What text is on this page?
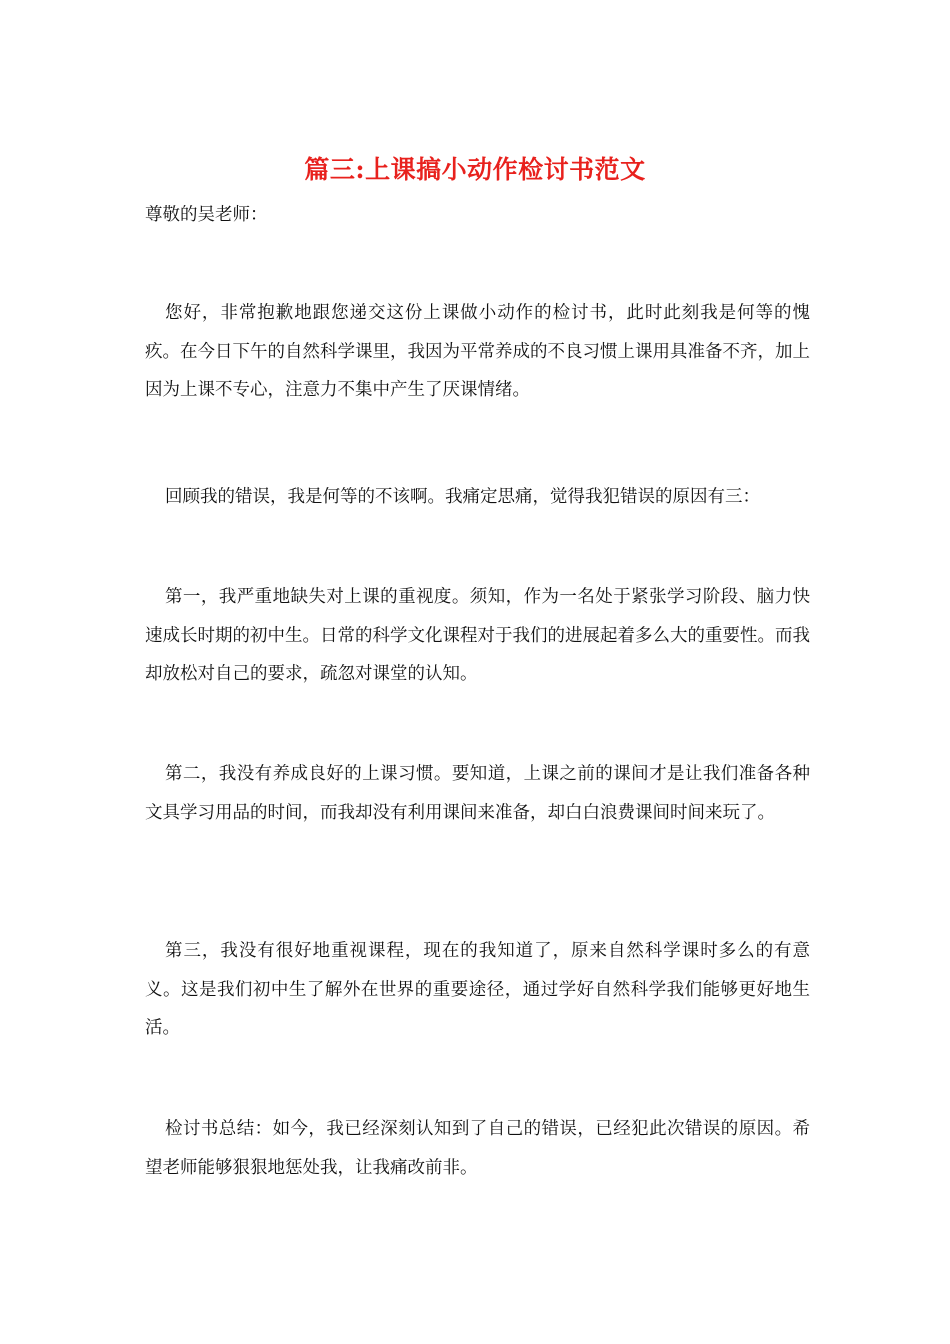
篇三:上课搞小动作检讨书范文
尊敬的吴老师：

您好，非常抱歉地跟您递交这份上课做小动作的检讨书，此时此刻我是何等的愧疚。在今日下午的自然科学课里，我因为平常养成的不良习惯上课用具准备不齐，加上因为上课不专心，注意力不集中产生了厌课情绪。

回顾我的错误，我是何等的不该啊。我痛定思痛，觉得我犯错误的原因有三：

第一，我严重地缺失对上课的重视度。须知，作为一名处于紧张学习阶段、脑力快速成长时期的初中生。日常的科学文化课程对于我们的进展起着多么大的重要性。而我却放松对自己的要求，疏忽对课堂的认知。

第二，我没有养成良好的上课习惯。要知道，上课之前的课间才是让我们准备各种文具学习用品的时间，而我却没有利用课间来准备，却白白浪费课间时间来玩了。

第三，我没有很好地重视课程，现在的我知道了，原来自然科学课时多么的有意义。这是我们初中生了解外在世界的重要途径，通过学好自然科学我们能够更好地生活。

检讨书总结：如今，我已经深刻认知到了自己的错误，已经犯此次错误的原因。希望老师能够狠狠地惩处我，让我痛改前非。
